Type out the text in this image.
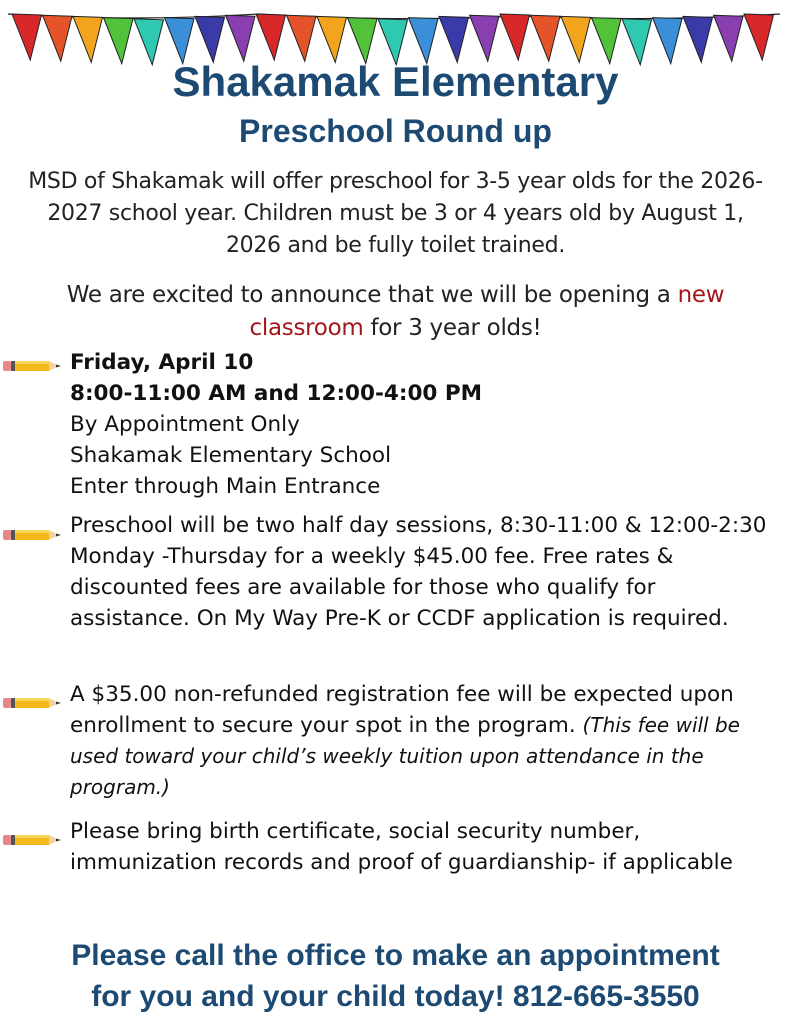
Shakamak Elementary
Preschool Round up
MSD of Shakamak will offer preschool for 3-5 year olds for the 2026-2027 school year. Children must be 3 or 4 years old by August 1, 2026 and be fully toilet trained.
We are excited to announce that we will be opening a new classroom for 3 year olds!
Friday, April 10
8:00-11:00 AM and 12:00-4:00 PM
By Appointment Only
Shakamak Elementary School
Enter through Main Entrance
Preschool will be two half day sessions, 8:30-11:00 & 12:00-2:30 Monday -Thursday for a weekly $45.00 fee. Free rates & discounted fees are available for those who qualify for assistance. On My Way Pre-K or CCDF application is required.
A $35.00 non-refunded registration fee will be expected upon enrollment to secure your spot in the program. (This fee will be used toward your child’s weekly tuition upon attendance in the program.)
Please bring birth certificate, social security number, immunization records and proof of guardianship- if applicable
Please call the office to make an appointment
for you and your child today! 812-665-3550
